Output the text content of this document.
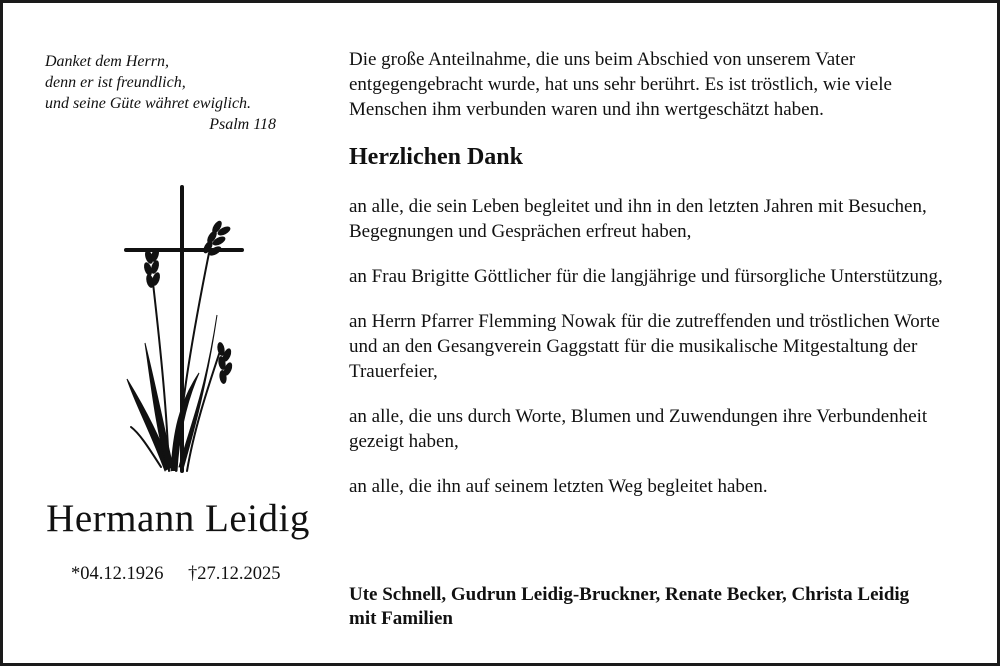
Danket dem Herrn,
denn er ist freundlich,
und seine Güte währet ewiglich.
Psalm 118
Hermann Leidig
*04.12.1926 †27.12.2025

Die große Anteilnahme, die uns beim Abschied von unserem Vater entgegengebracht wurde, hat uns sehr berührt. Es ist tröstlich, wie viele Menschen ihm verbunden waren und ihn wertgeschätzt haben.

Herzlichen Dank

an alle, die sein Leben begleitet und ihn in den letzten Jahren mit Besuchen, Begegnungen und Gesprächen erfreut haben,

an Frau Brigitte Göttlicher für die langjährige und fürsorgliche Unterstützung,

an Herrn Pfarrer Flemming Nowak für die zutreffenden und tröstlichen Worte und an den Gesangverein Gaggstatt für die musikalische Mitgestaltung der Trauerfeier,

an alle, die uns durch Worte, Blumen und Zuwendungen ihre Verbundenheit gezeigt haben,

an alle, die ihn auf seinem letzten Weg begleitet haben.

Ute Schnell, Gudrun Leidig-Bruckner, Renate Becker, Christa Leidig
mit Familien
